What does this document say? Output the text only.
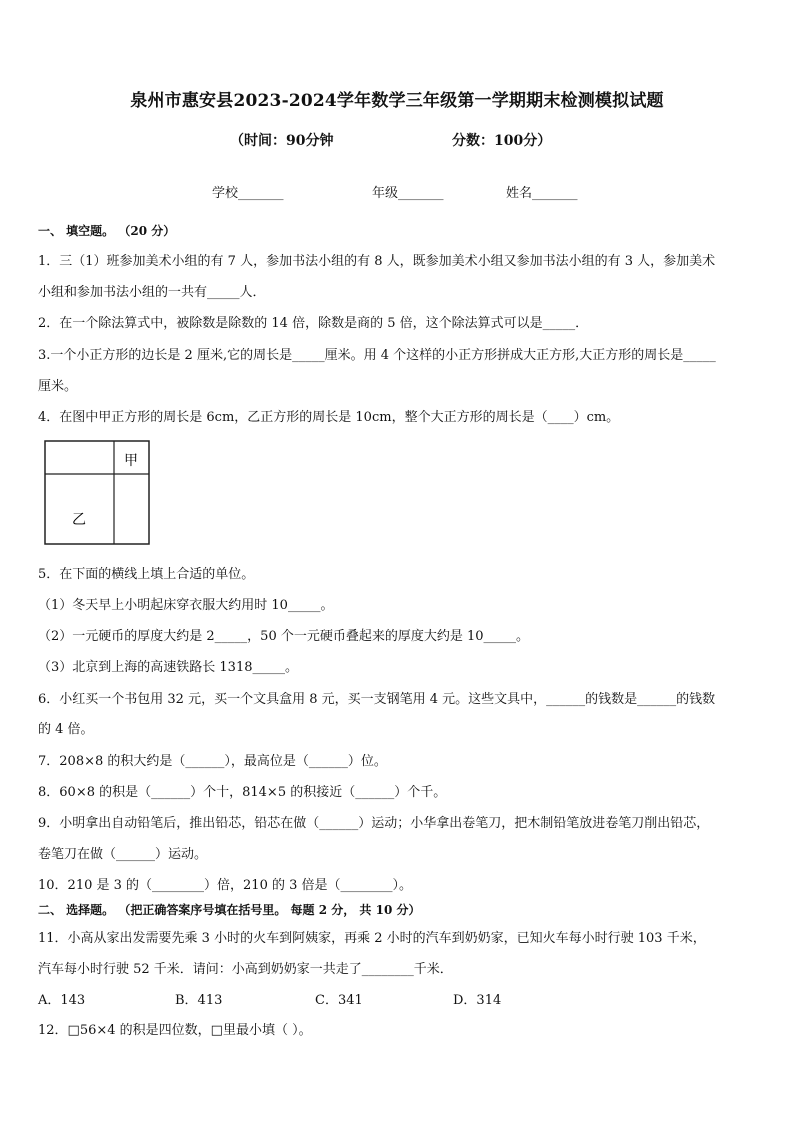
泉州市惠安县2023-2024学年数学三年级第一学期期末检测模拟试题
（时间：90分钟	分数：100分）
学校_______	年级_______	姓名_______
一、 填空题。 （20 分）
1．三（1）班参加美术小组的有 7 人，参加书法小组的有 8 人，既参加美术小组又参加书法小组的有 3 人，参加美术
小组和参加书法小组的一共有_____人．
2．在一个除法算式中，被除数是除数的 14 倍，除数是商的 5 倍，这个除法算式可以是_____．
3.一个小正方形的边长是 2 厘米,它的周长是_____厘米。用 4 个这样的小正方形拼成大正方形,大正方形的周长是_____
厘米。
4．在图中甲正方形的周长是 6cm，乙正方形的周长是 10cm，整个大正方形的周长是（____）cm。
甲
乙
5．在下面的横线上填上合适的单位。
（1）冬天早上小明起床穿衣服大约用时 10_____。
（2）一元硬币的厚度大约是 2_____，50 个一元硬币叠起来的厚度大约是 10_____。
（3）北京到上海的高速铁路长 1318_____。
6．小红买一个书包用 32 元，买一个文具盒用 8 元，买一支钢笔用 4 元。这些文具中，______的钱数是______的钱数
的 4 倍。
7．208×8 的积大约是（______），最高位是（______）位。
8．60×8 的积是（______）个十，814×5 的积接近（______）个千。
9．小明拿出自动铅笔后，推出铅芯，铅芯在做（______）运动；小华拿出卷笔刀，把木制铅笔放进卷笔刀削出铅芯，
卷笔刀在做（______）运动。
10．210 是 3 的（________）倍，210 的 3 倍是（________）。
二、 选择题。 （把正确答案序号填在括号里。 每题 2 分， 共 10 分）
11．小高从家出发需要先乘 3 小时的火车到阿姨家，再乘 2 小时的汽车到奶奶家，已知火车每小时行驶 103 千米，
汽车每小时行驶 52 千米．请问：小高到奶奶家一共走了________千米．
A．143	B．413	C．341	D．314
12．□56×4 的积是四位数，□里最小填（ ）。
